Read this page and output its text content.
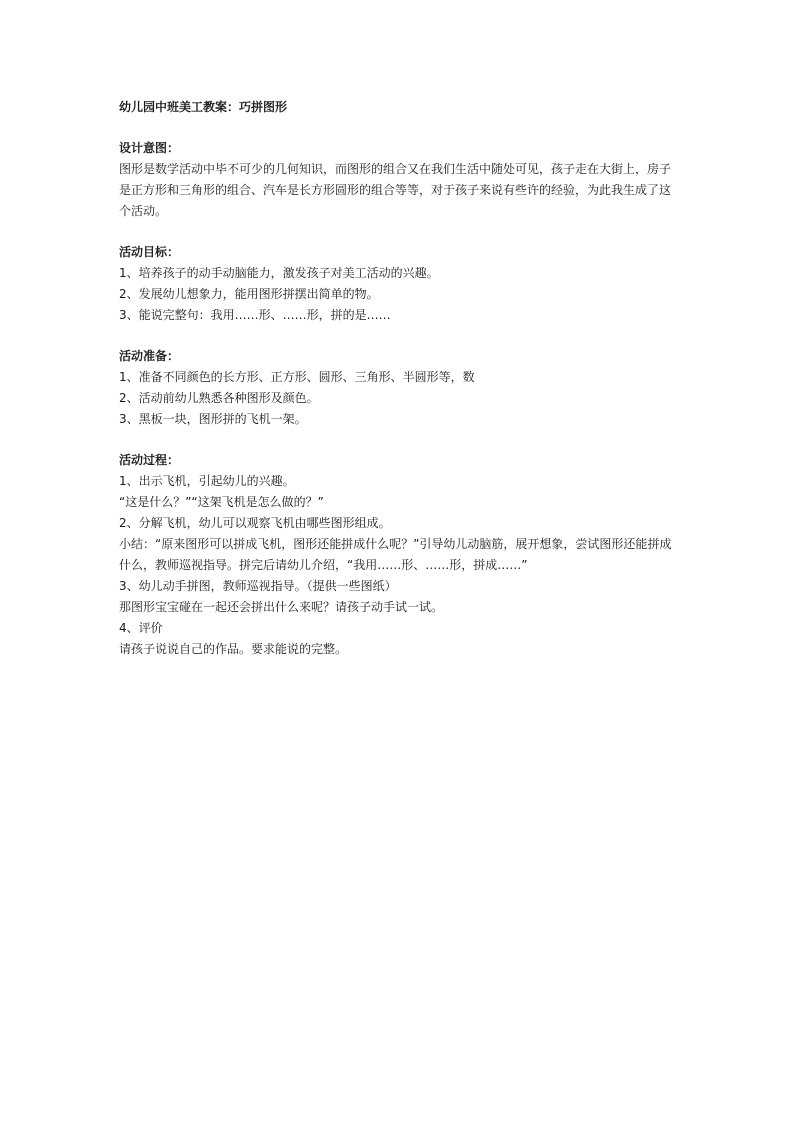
幼儿园中班美工教案：巧拼图形

设计意图：

图形是数学活动中毕不可少的几何知识，而图形的组合又在我们生活中随处可见，孩子走在大街上，房子是正方形和三角形的组合、汽车是长方形圆形的组合等等，对于孩子来说有些许的经验，为此我生成了这个活动。

活动目标：

1、培养孩子的动手动脑能力，激发孩子对美工活动的兴趣。

2、发展幼儿想象力，能用图形拼摆出简单的物。

3、能说完整句：我用……形、……形，拼的是……

活动准备：

1、准备不同颜色的长方形、正方形、圆形、三角形、半圆形等，数

2、活动前幼儿熟悉各种图形及颜色。

3、黑板一块，图形拼的飞机一架。

活动过程：

1、出示飞机，引起幼儿的兴趣。

“这是什么？”“这架飞机是怎么做的？”

2、分解飞机，幼儿可以观察飞机由哪些图形组成。

小结：“原来图形可以拼成飞机，图形还能拼成什么呢？”引导幼儿动脑筋，展开想象，尝试图形还能拼成什么，教师巡视指导。拼完后请幼儿介绍，“我用……形、……形，拼成……”

3、幼儿动手拼图，教师巡视指导。（提供一些图纸）

那图形宝宝碰在一起还会拼出什么来呢？请孩子动手试一试。

4、评价

请孩子说说自己的作品。要求能说的完整。
